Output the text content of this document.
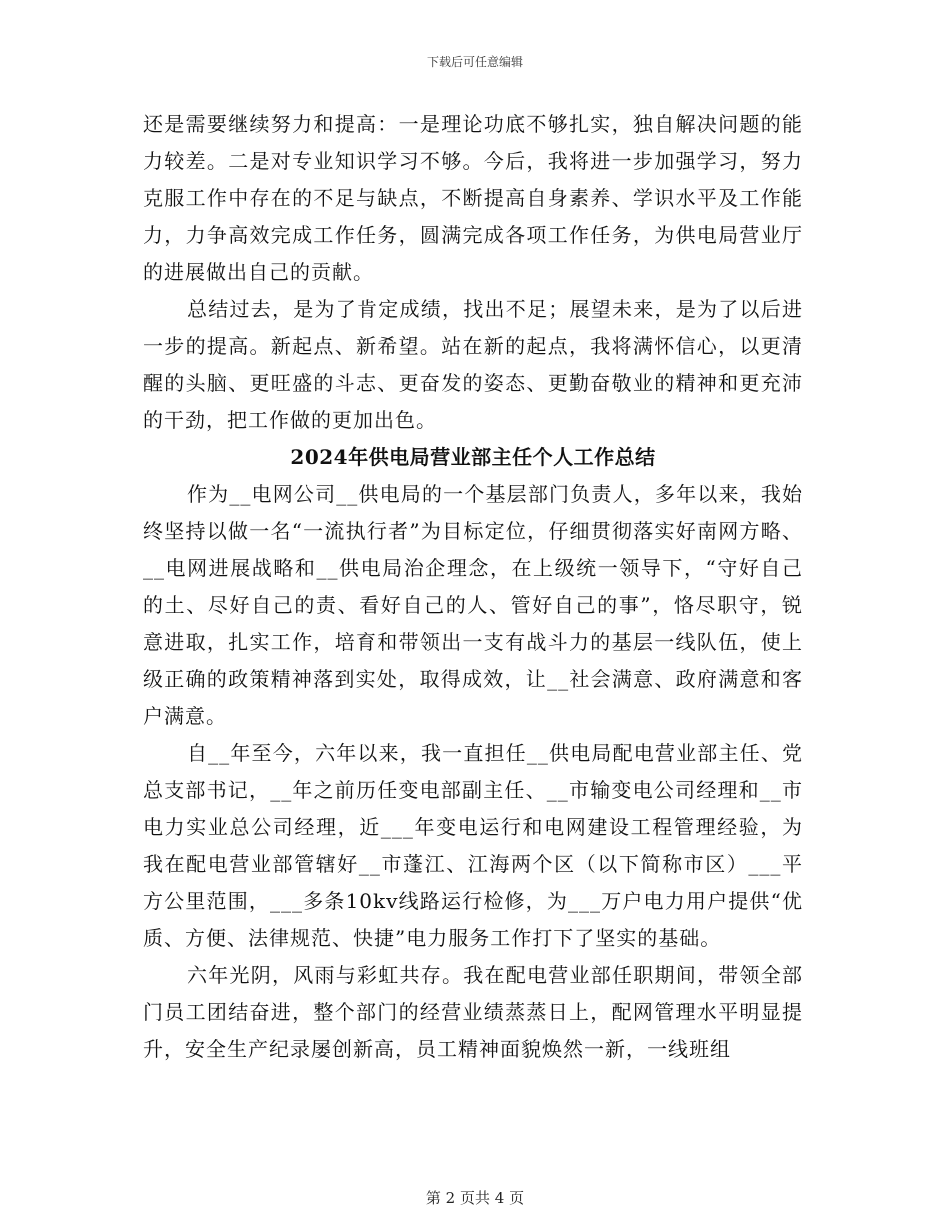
下载后可任意编辑

还是需要继续努力和提高：一是理论功底不够扎实，独自解决问题的能力较差。二是对专业知识学习不够。今后，我将进一步加强学习，努力克服工作中存在的不足与缺点，不断提高自身素养、学识水平及工作能力，力争高效完成工作任务，圆满完成各项工作任务，为供电局营业厅的进展做出自己的贡献。

总结过去，是为了肯定成绩，找出不足；展望未来，是为了以后进一步的提高。新起点、新希望。站在新的起点，我将满怀信心，以更清醒的头脑、更旺盛的斗志、更奋发的姿态、更勤奋敬业的精神和更充沛的干劲，把工作做的更加出色。

2024年供电局营业部主任个人工作总结

作为__电网公司__供电局的一个基层部门负责人，多年以来，我始终坚持以做一名“一流执行者”为目标定位，仔细贯彻落实好南网方略、__电网进展战略和__供电局治企理念，在上级统一领导下，“守好自己的土、尽好自己的责、看好自己的人、管好自己的事”，恪尽职守，锐意进取，扎实工作，培育和带领出一支有战斗力的基层一线队伍，使上级正确的政策精神落到实处，取得成效，让__社会满意、政府满意和客户满意。

自__年至今，六年以来，我一直担任__供电局配电营业部主任、党总支部书记，__年之前历任变电部副主任、__市输变电公司经理和__市电力实业总公司经理，近___年变电运行和电网建设工程管理经验，为我在配电营业部管辖好__市蓬江、江海两个区（以下简称市区）___平方公里范围，___多条10kv线路运行检修，为___万户电力用户提供“优质、方便、法律规范、快捷”电力服务工作打下了坚实的基础。

六年光阴，风雨与彩虹共存。我在配电营业部任职期间，带领全部门员工团结奋进，整个部门的经营业绩蒸蒸日上，配网管理水平明显提升，安全生产纪录屡创新高，员工精神面貌焕然一新，一线班组

第 2 页共 4 页
